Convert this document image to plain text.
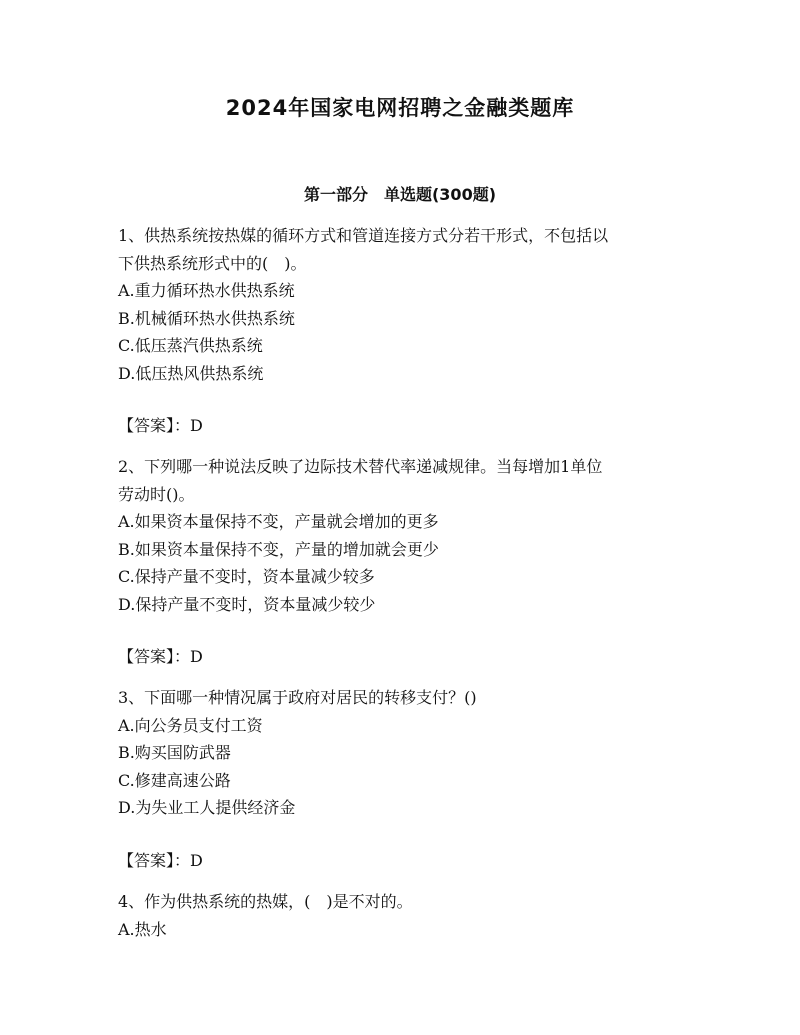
2024年国家电网招聘之金融类题库
第一部分　单选题(300题)
1、供热系统按热媒的循环方式和管道连接方式分若干形式，不包括以
下供热系统形式中的(　)。
A.重力循环热水供热系统
B.机械循环热水供热系统
C.低压蒸汽供热系统
D.低压热风供热系统
【答案】：D
2、下列哪一种说法反映了边际技术替代率递减规律。当每增加1单位
劳动时()。
A.如果资本量保持不变，产量就会增加的更多
B.如果资本量保持不变，产量的增加就会更少
C.保持产量不变时，资本量减少较多
D.保持产量不变时，资本量减少较少
【答案】：D
3、下面哪一种情况属于政府对居民的转移支付？()
A.向公务员支付工资
B.购买国防武器
C.修建高速公路
D.为失业工人提供经济金
【答案】：D
4、作为供热系统的热媒，(　)是不对的。
A.热水
